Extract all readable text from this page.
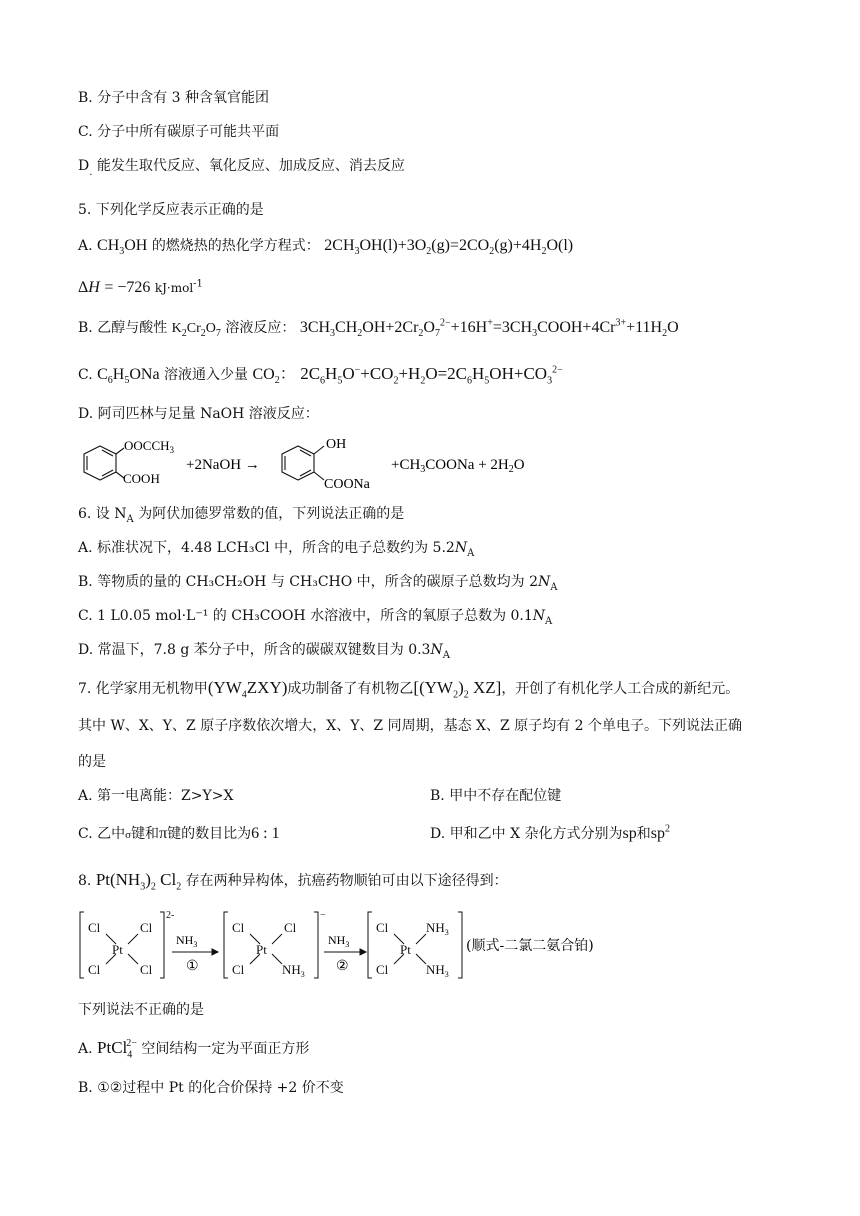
B. 分子中含有 3 种含氧官能团
C. 分子中所有碳原子可能共平面
$D_\cdot$ 能发生取代反应、氧化反应、加成反应、消去反应
5. 下列化学反应表示正确的是
A. $CH_3OH$ 的燃烧热的热化学方程式： $2CH_3OH(l)+3O_2(g)=2CO_2(g)+4H_2O(l)$
ΔH = −726 kJ·mol$^{-1}$
B. 乙醇与酸性 $K_2Cr_2O_7$ 溶液反应： $3CH_3CH_2OH+2Cr_2O_7^{2-}+16H^+=3CH_3COOH+4Cr^{3+}+11H_2O$
C. $C_6H_5ONa$ 溶液通入少量 $CO_2$： $2C_6H_5O^-+CO_2+H_2O=2C_6H_5OH+CO_3^{2-}$
D. 阿司匹林与足量 NaOH 溶液反应：
$OOCCH_3$
COOH
+2NaOH →
OH
COONa
$+CH_3COONa + 2H_2O$
6. 设 $N_A$ 为阿伏加德罗常数的值，下列说法正确的是
A. 标准状况下，4.48 LCH₃Cl 中，所含的电子总数约为 $5.2N_A$
B. 等物质的量的 CH₃CH₂OH 与 CH₃CHO 中，所含的碳原子总数均为 $2N_A$
C. 1 L0.05 mol·L⁻¹ 的 CH₃COOH 水溶液中，所含的氧原子总数为 $0.1N_A$
D. 常温下，7.8 g 苯分子中，所含的碳碳双键数目为 $0.3N_A$
7. 化学家用无机物甲$(YW_4ZXY)$成功制备了有机物乙[$(YW_2)_2$ XZ]，开创了有机化学人工合成的新纪元。
其中 W、X、Y、Z 原子序数依次增大，X、Y、Z 同周期，基态 X、Z 原子均有 2 个单电子。下列说法正确
的是
A. 第一电离能：Z>Y>X	B. 甲中不存在配位键
C. 乙中σ键和π键的数目比为6 : 1	D. 甲和乙中 X 杂化方式分别为sp和$sp^2$
8. $Pt(NH_3)_2$ $Cl_2$ 存在两种异构体，抗癌药物顺铂可由以下途径得到：
Cl	Cl
Pt
Cl	Cl
2-
$NH_3$
①
Cl	Cl
Pt
Cl	$NH_3$
−
$NH_3$
②
Cl	$NH_3$
Pt
Cl	$NH_3$
(顺式-二氯二氨合铂)
下列说法不正确的是
A. PtCl$_4^{2-}$ 空间结构一定为平面正方形
B. ①②过程中 Pt 的化合价保持 +2 价不变
